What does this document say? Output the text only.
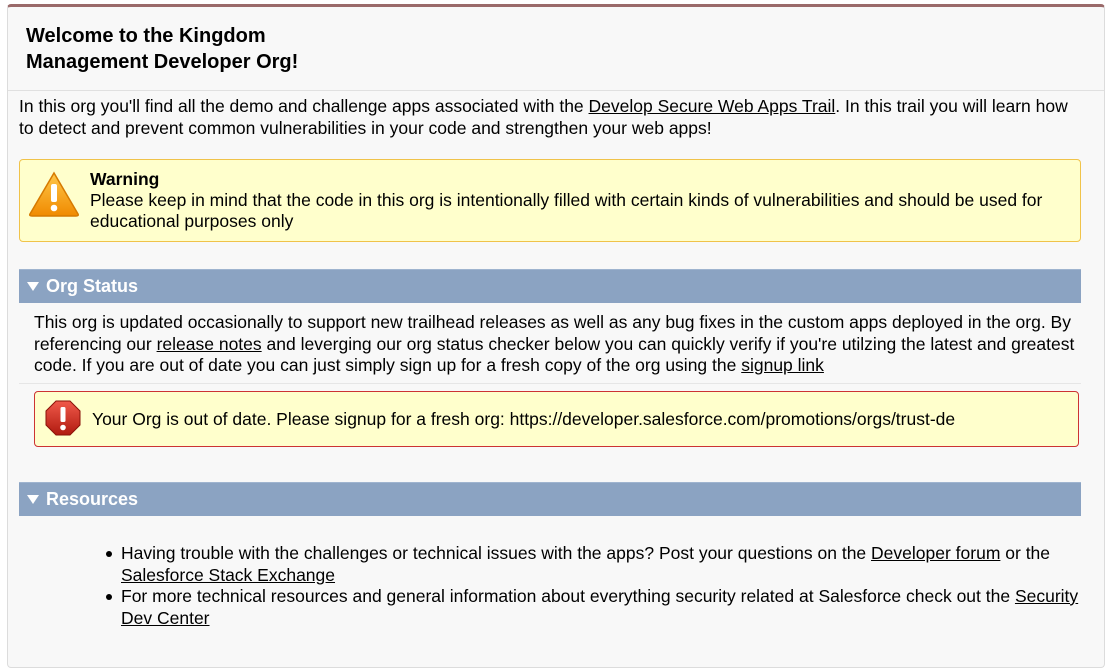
Welcome to the Kingdom
Management Developer Org!
In this org you'll find all the demo and challenge apps associated with the Develop Secure Web Apps Trail. In this trail you will learn how to detect and prevent common vulnerabilities in your code and strengthen your web apps!
Warning
Please keep in mind that the code in this org is intentionally filled with certain kinds of vulnerabilities and should be used for educational purposes only
Org Status
This org is updated occasionally to support new trailhead releases as well as any bug fixes in the custom apps deployed in the org. By referencing our release notes and leverging our org status checker below you can quickly verify if you're utilzing the latest and greatest code. If you are out of date you can just simply sign up for a fresh copy of the org using the signup link
Your Org is out of date. Please signup for a fresh org: https://developer.salesforce.com/promotions/orgs/trust-de
Resources
Having trouble with the challenges or technical issues with the apps? Post your questions on the Developer forum or the Salesforce Stack Exchange
For more technical resources and general information about everything security related at Salesforce check out the Security Dev Center
